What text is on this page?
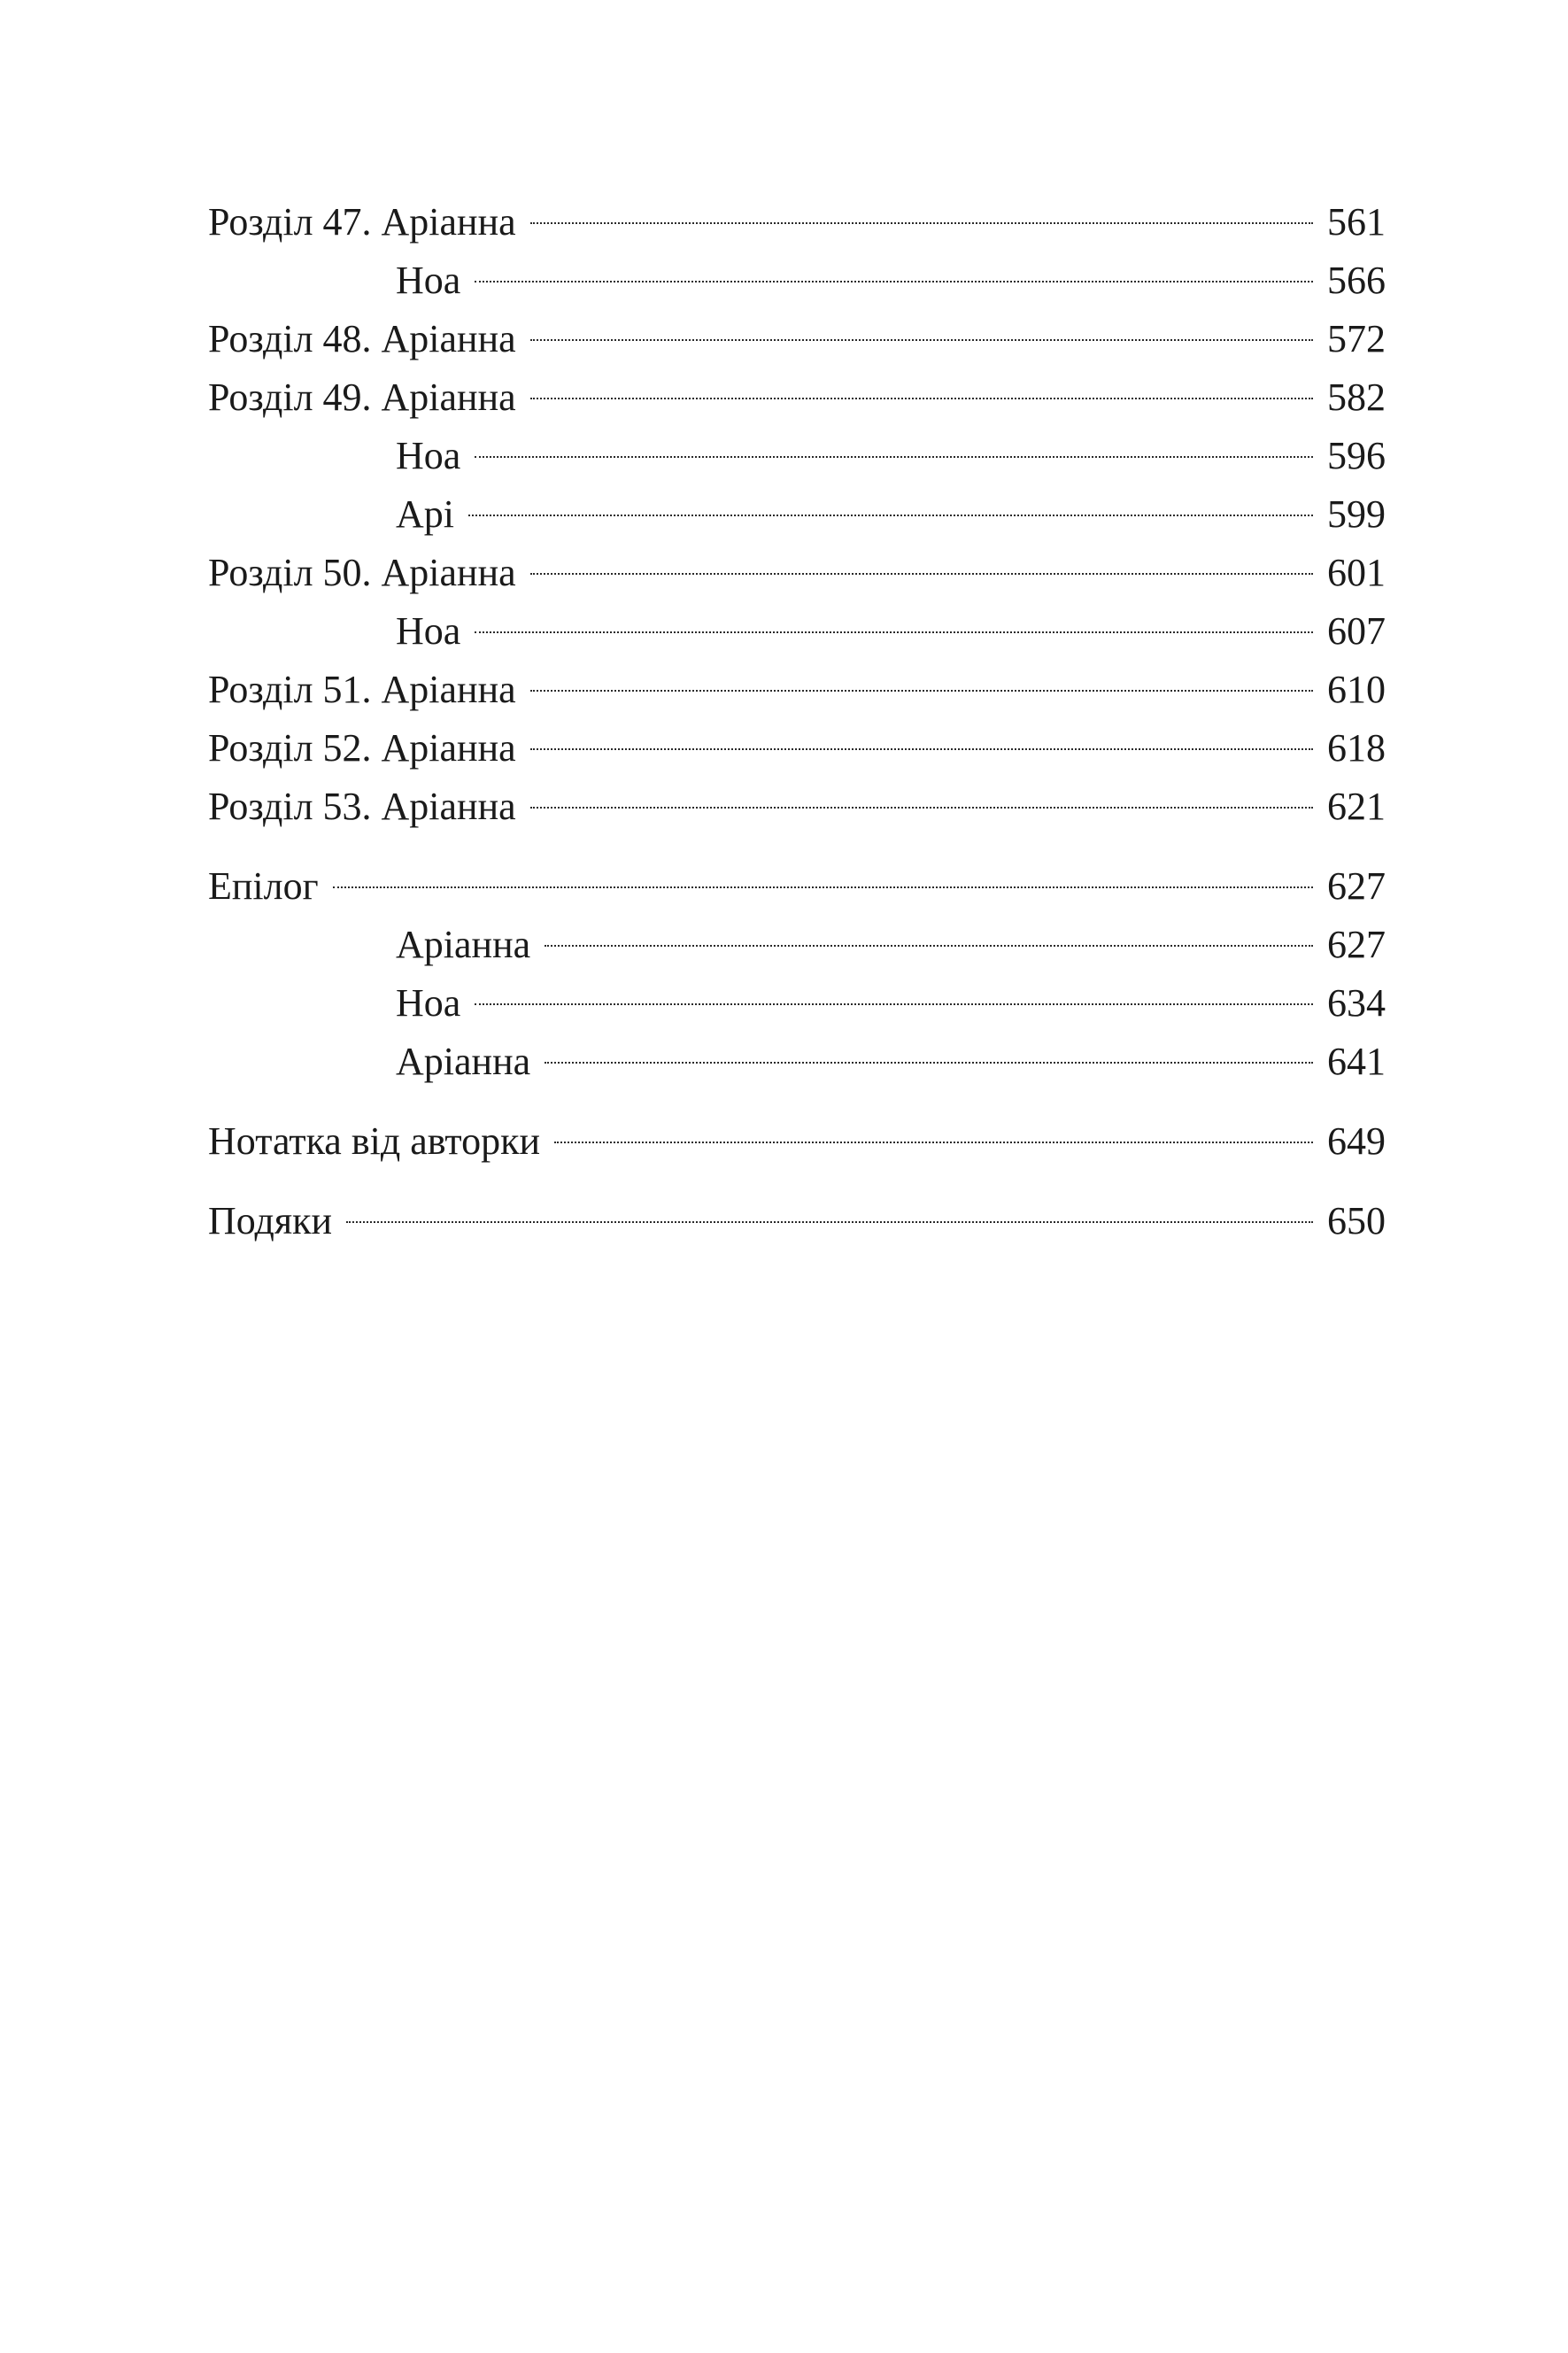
Розділ 47. Аріанна	561
Ноа	566
Розділ 48. Аріанна	572
Розділ 49. Аріанна	582
Ноа	596
Арі	599
Розділ 50. Аріанна	601
Ноа	607
Розділ 51. Аріанна	610
Розділ 52. Аріанна	618
Розділ 53. Аріанна	621
Епілог	627
Аріанна	627
Ноа	634
Аріанна	641
Нотатка від авторки	649
Подяки	650
